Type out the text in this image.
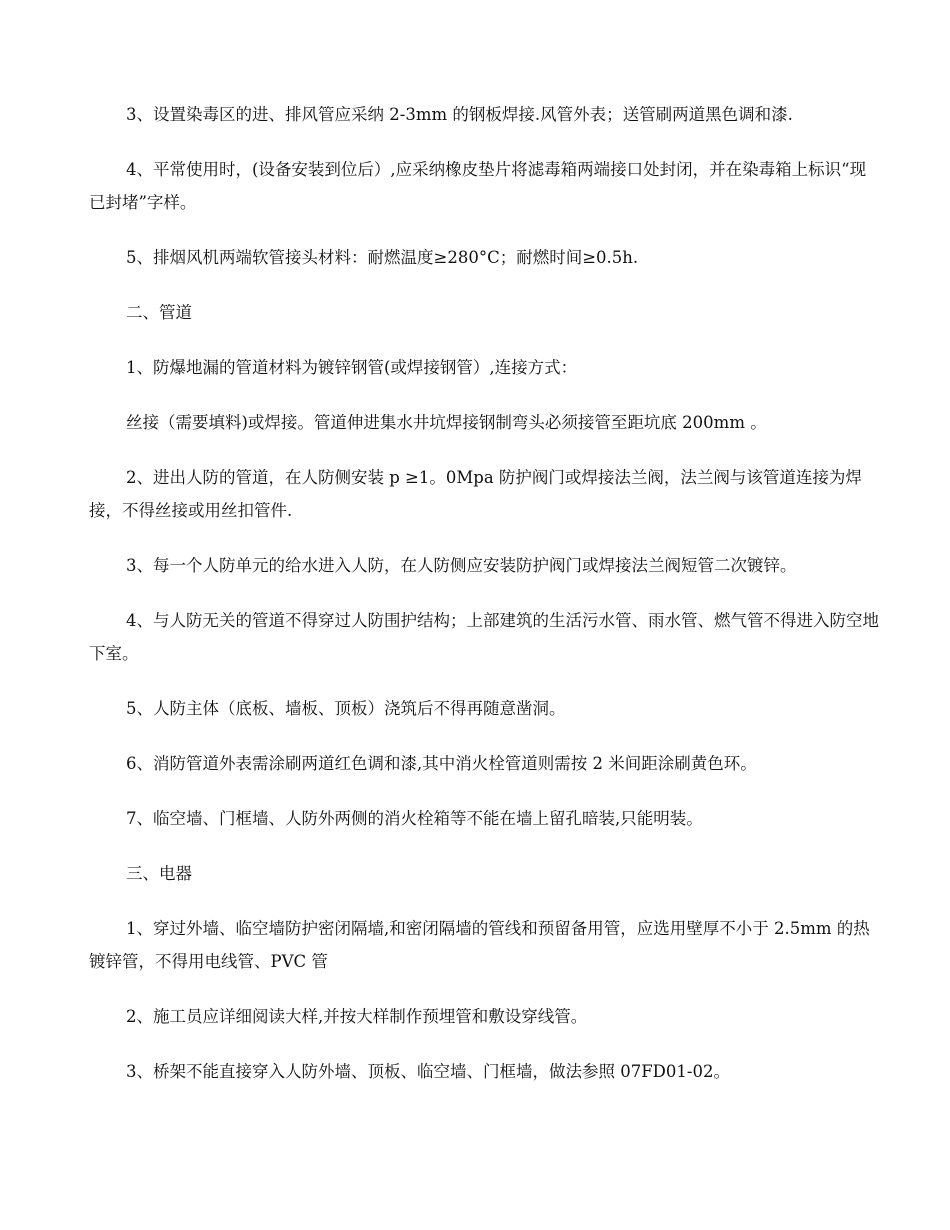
3、设置染毒区的进、排风管应采纳 2-3mm 的钢板焊接.风管外表；送管刷两道黑色调和漆.

4、平常使用时，(设备安装到位后）,应采纳橡皮垫片将滤毒箱两端接口处封闭，并在染毒箱上标识“现已封堵”字样。

5、排烟风机两端软管接头材料：耐燃温度≥280°C；耐燃时间≥0.5h.

二、管道

1、防爆地漏的管道材料为镀锌钢管(或焊接钢管）,连接方式：

丝接（需要填料)或焊接。管道伸进集水井坑焊接钢制弯头必须接管至距坑底 200mm 。

2、进出人防的管道，在人防侧安装 p ≥1。0Mpa 防护阀门或焊接法兰阀，法兰阀与该管道连接为焊接，不得丝接或用丝扣管件.

3、每一个人防单元的给水进入人防，在人防侧应安装防护阀门或焊接法兰阀短管二次镀锌。

4、与人防无关的管道不得穿过人防围护结构；上部建筑的生活污水管、雨水管、燃气管不得进入防空地下室。

5、人防主体（底板、墙板、顶板）浇筑后不得再随意凿洞。

6、消防管道外表需涂刷两道红色调和漆,其中消火栓管道则需按 2 米间距涂刷黄色环。

7、临空墙、门框墙、人防外两侧的消火栓箱等不能在墙上留孔暗装,只能明装。

三、电器

1、穿过外墙、临空墙防护密闭隔墙,和密闭隔墙的管线和预留备用管，应选用壁厚不小于 2.5mm 的热镀锌管，不得用电线管、PVC 管

2、施工员应详细阅读大样,并按大样制作预埋管和敷设穿线管。

3、桥架不能直接穿入人防外墙、顶板、临空墙、门框墙，做法参照 07FD01-02。
